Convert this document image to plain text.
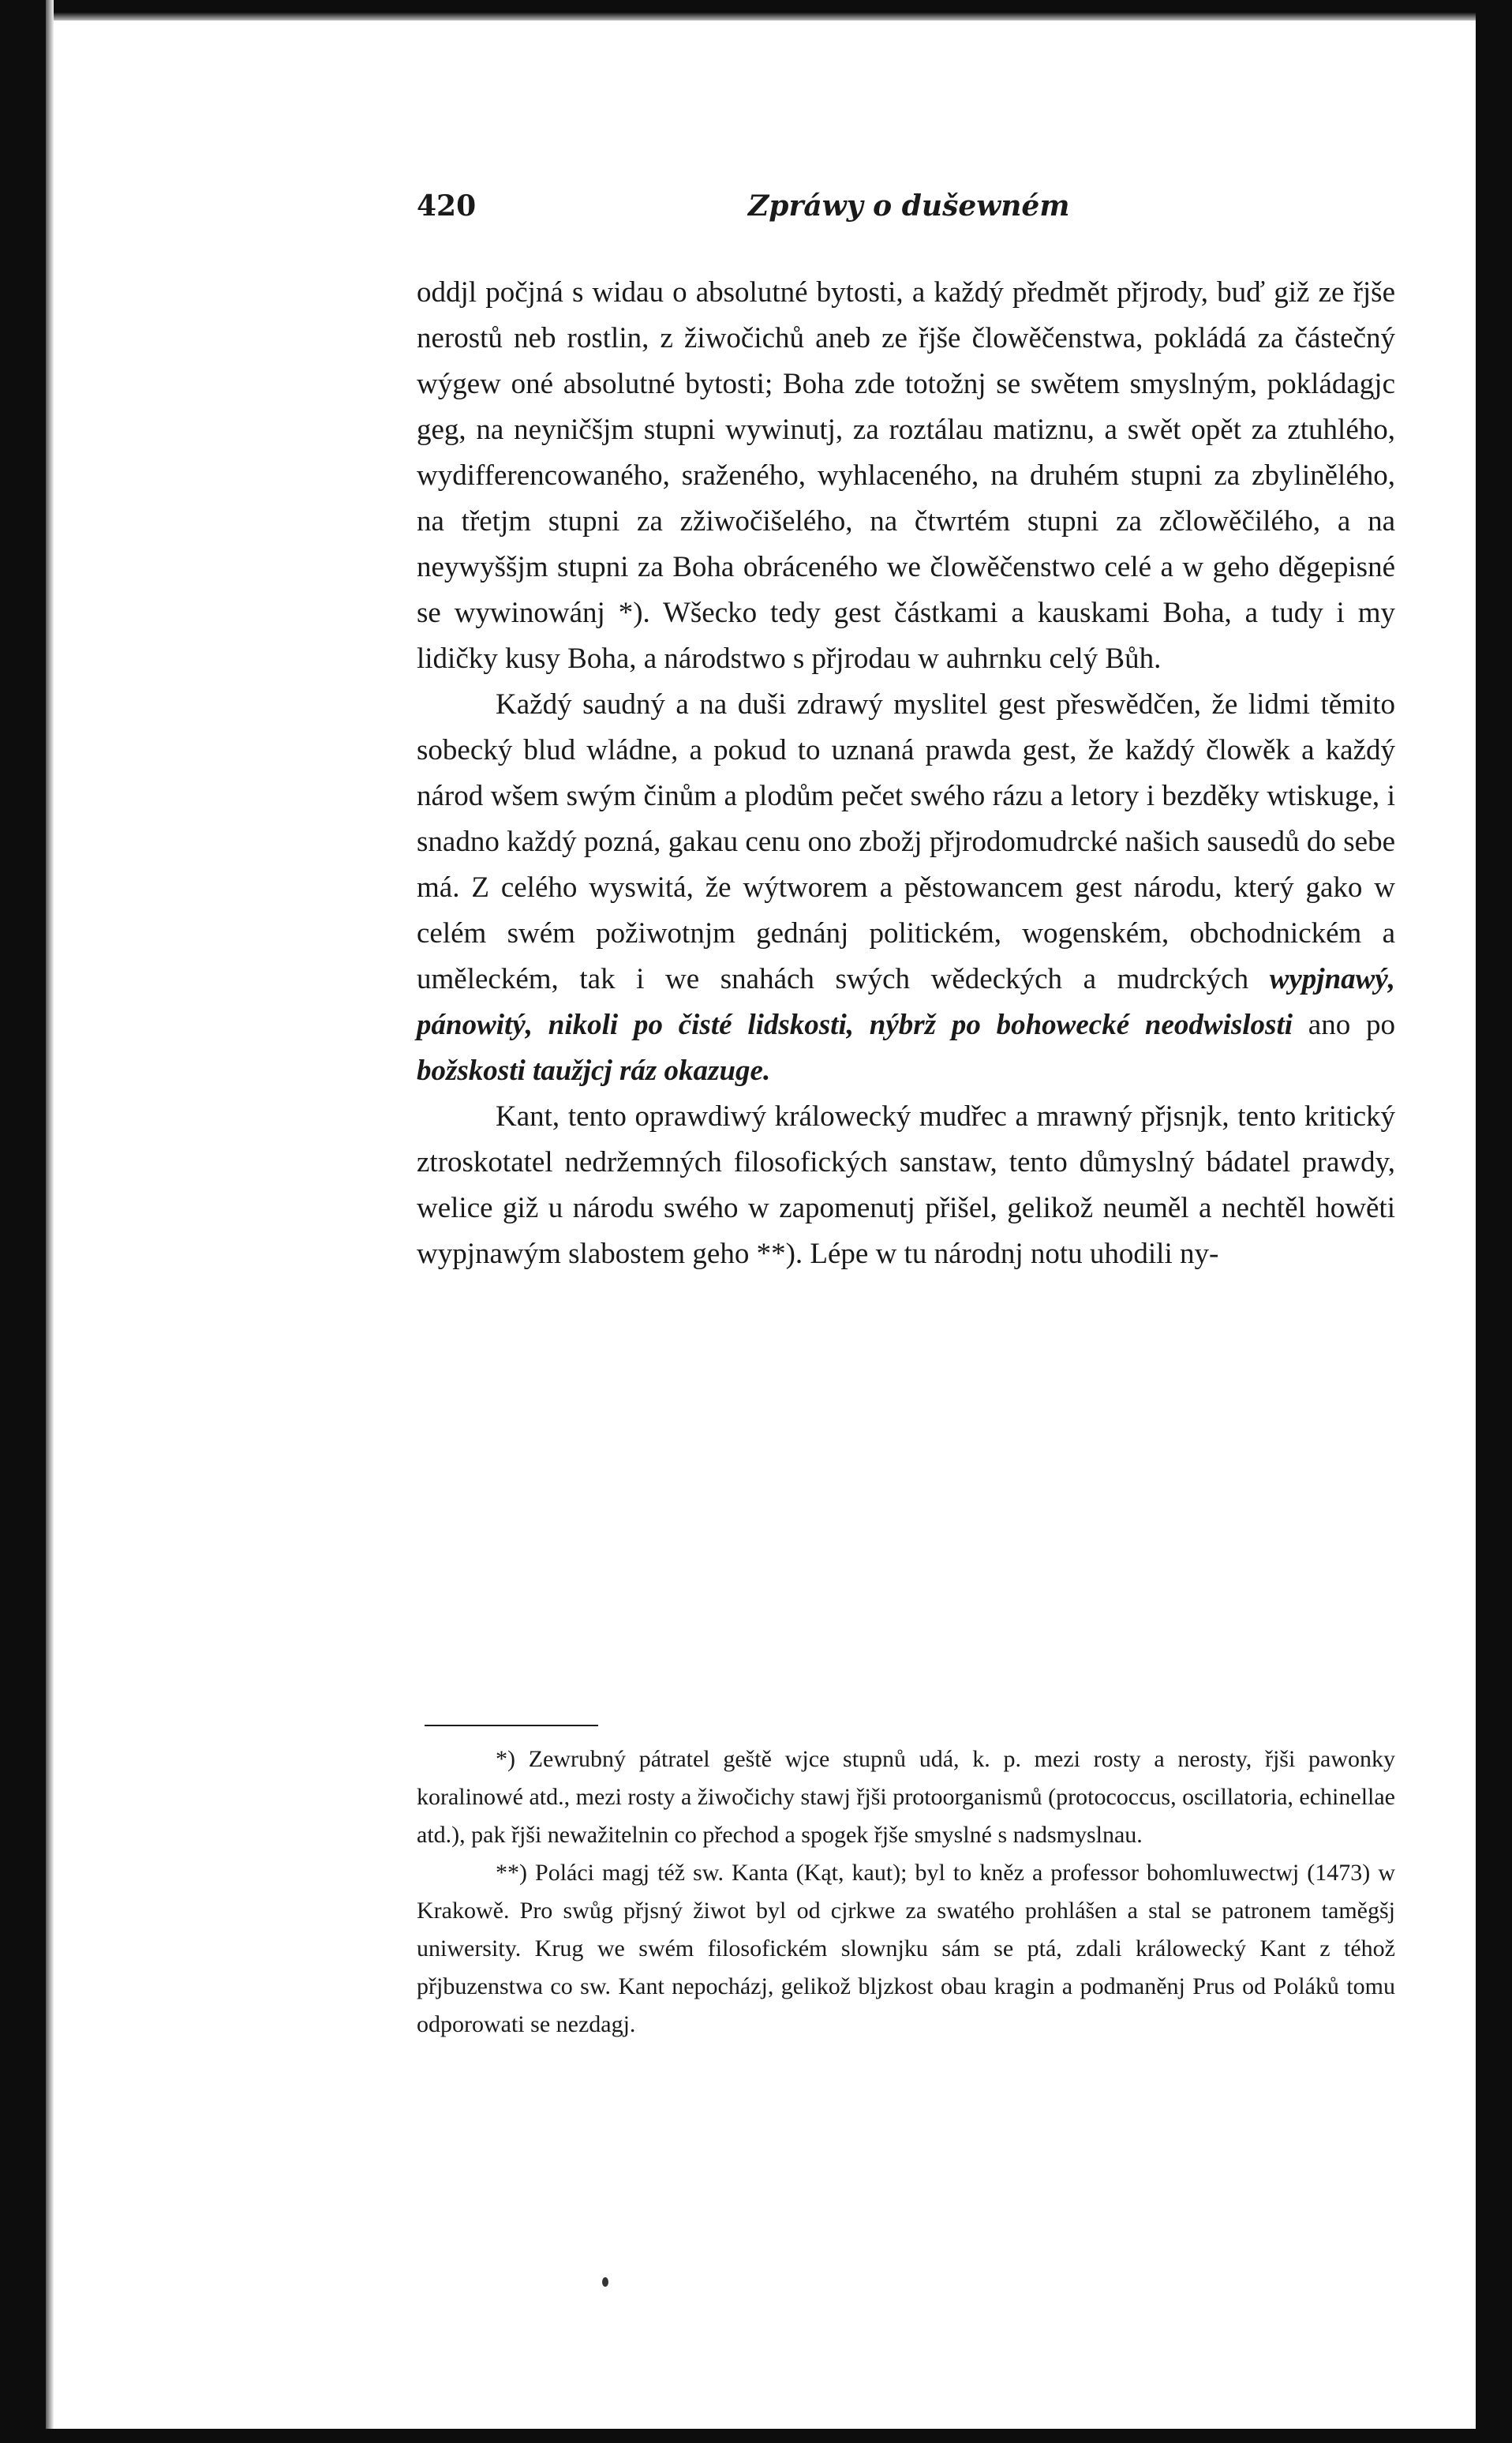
420	Zpráwy o dušewném

oddjl počjná s widau o absolutné bytosti, a každý předmět přjrody, buď giž ze řjše nerostů neb rostlin, z žiwočichů aneb ze řjše člowěčenstwa, pokládá za částečný wýgew oné absolutné bytosti; Boha zde totožnj se swětem smyslným, pokládagjc geg, na neyničšjm stupni wywinutj, za roztálau matiznu, a swět opět za ztuhlého, wydifferencowaného, sraženého, wyhlaceného, na druhém stupni za zbylinělého, na třetjm stupni za zžiwočišelého, na čtwrtém stupni za zčlowěčilého, a na neywyššjm stupni za Boha obráceného we člowěčenstwo celé a w geho děgepisné se wywinowánj *). Wšecko tedy gest částkami a kauskami Boha, a tudy i my lidičky kusy Boha, a národstwo s přjrodau w auhrnku celý Bůh.

Každý saudný a na duši zdrawý myslitel gest přeswědčen, že lidmi těmito sobecký blud wládne, a pokud to uznaná prawda gest, že každý člowěk a každý národ wšem swým činům a plodům pečet swého rázu a letory i bezděky wtiskuge, i snadno každý pozná, gakau cenu ono zbožj přjrodomudrcké našich sausedů do sebe má. Z celého wyswitá, že wýtworem a pěstowancem gest národu, který gako w celém swém požiwotnjm gednánj politickém, wogenském, obchodnickém a uměleckém, tak i we snahách swých wědeckých a mudrckých wypjnawý, pánowitý, nikoli po čisté lidskosti, nýbrž po bohowecké neodwislosti ano po božskosti taužjcj ráz okazuge.

Kant, tento oprawdiwý králowecký mudřec a mrawný přjsnjk, tento kritický ztroskotatel nedržemných filosofických sanstaw, tento důmyslný bádatel prawdy, welice giž u národu swého w zapomenutj přišel, gelikož neuměl a nechtěl howěti wypjnawým slabostem geho **). Lépe w tu národnj notu uhodili ny-

*) Zewrubný pátratel geště wjce stupnů udá, k. p. mezi rosty a nerosty, řjši pawonky koralinowé atd., mezi rosty a žiwočichy stawj řjši protoorganismů (protococcus, oscillatoria, echinellae atd.), pak řjši newažitelnin co přechod a spogek řjše smyslné s nadsmyslnau.

**) Poláci magj též sw. Kanta (Kąt, kaut); byl to kněz a professor bohomluwectwj (1473) w Krakowě. Pro swůg přjsný žiwot byl od cjrkwe za swatého prohlášen a stal se patronem taměgšj uniwersity. Krug we swém filosofickém slownjku sám se ptá, zdali králowecký Kant z téhož přjbuzenstwa co sw. Kant nepocházj, gelikož bljzkost obau kragin a podmaněnj Prus od Poláků tomu odporowati se nezdagj.
